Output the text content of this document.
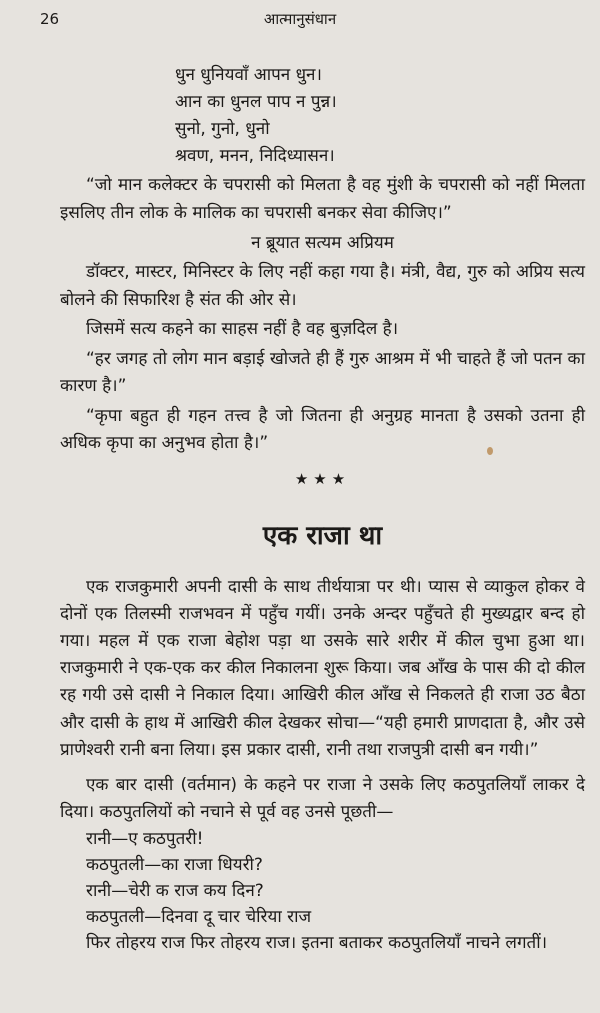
26	आत्मानुसंधान
धुन धुनियवाँ आपन धुन।
आन का धुनल पाप न पुन्न।
सुनो, गुनो, धुनो
श्रवण, मनन, निदिध्यासन।

“जो मान कलेक्टर के चपरासी को मिलता है वह मुंशी के चपरासी को नहीं मिलता इसलिए तीन लोक के मालिक का चपरासी बनकर सेवा कीजिए।”

न ब्रूयात सत्यम अप्रियम

डॉक्टर, मास्टर, मिनिस्टर के लिए नहीं कहा गया है। मंत्री, वैद्य, गुरु को अप्रिय सत्य बोलने की सिफारिश है संत की ओर से।

जिसमें सत्य कहने का साहस नहीं है वह बुज़दिल है।

“हर जगह तो लोग मान बड़ाई खोजते ही हैं गुरु आश्रम में भी चाहते हैं जो पतन का कारण है।”

“कृपा बहुत ही गहन तत्त्व है जो जितना ही अनुग्रह मानता है उसको उतना ही अधिक कृपा का अनुभव होता है।”

★★★
एक राजा था

एक राजकुमारी अपनी दासी के साथ तीर्थयात्रा पर थी। प्यास से व्याकुल होकर वे दोनों एक तिलस्मी राजभवन में पहुँच गयीं। उनके अन्दर पहुँचते ही मुख्यद्वार बन्द हो गया। महल में एक राजा बेहोश पड़ा था उसके सारे शरीर में कील चुभा हुआ था। राजकुमारी ने एक-एक कर कील निकालना शुरू किया। जब आँख के पास की दो कील रह गयी उसे दासी ने निकाल दिया। आखिरी कील आँख से निकलते ही राजा उठ बैठा और दासी के हाथ में आखिरी कील देखकर सोचा—“यही हमारी प्राणदाता है, और उसे प्राणेश्वरी रानी बना लिया। इस प्रकार दासी, रानी तथा राजपुत्री दासी बन गयी।”

एक बार दासी (वर्तमान) के कहने पर राजा ने उसके लिए कठपुतलियाँ लाकर दे दिया। कठपुतलियों को नचाने से पूर्व वह उनसे पूछती—

रानी—ए कठपुतरी!
कठपुतली—का राजा धियरी?
रानी—चेरी क राज कय दिन?
कठपुतली—दिनवा दू चार चेरिया राज

फिर तोहरय राज फिर तोहरय राज। इतना बताकर कठपुतलियाँ नाचने लगतीं।
